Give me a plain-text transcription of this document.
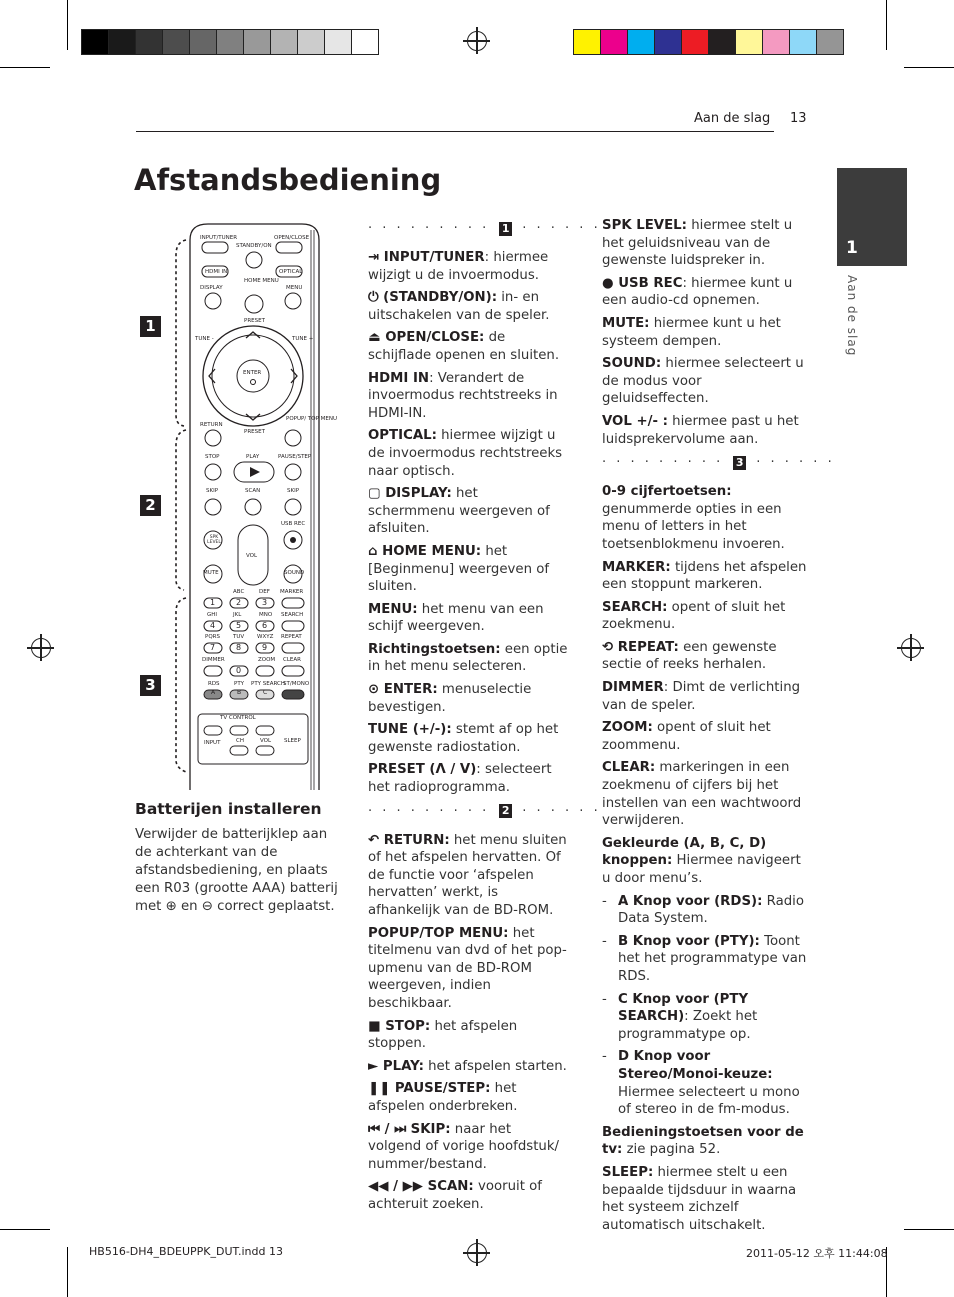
Aan de slag 13
Afstandsbediening
1
Aan de slag
1
2
3
INPUT/TUNER
STANDBY/ON
OPEN/CLOSE
HDMI IN	OPTICAL
DISPLAY
HOME MENU
MENU
PRESET
TUNE -	TUNE +
ENTER
RETURN
PRESET
POPUP/ TOP MENU
STOP	PLAY	PAUSE/STEP
SKIP	SCAN	SKIP
USB REC
VOL
MUTE	SOUND
ABC	DEF MARKER
GHI	JKL	MNO SEARCH
PQRS TUV WXYZ REPEAT
DIMMER	ZOOM CLEAR
RDS	PTY PTY SEARCH
ST/MONO
TV CONTROL
INPUT	CH	VOL SLEEP
SPK LEVEL
1	2	3
4	5	6
7	8	9
0
A	B	C
Batterijen installeren
Verwijder de batterijklep aan de achterkant van de afstandsbediening, en plaats een R03 (grootte AAA) batterij met ⊕ en ⊖ correct geplaatst.
· · · · · · · · · 1 · · · · · ·

⇥ INPUT/TUNER: hiermee wijzigt u de invoermodus.

⏻ (STANDBY/ON): in- en uitschakelen van de speler.

⏏ OPEN/CLOSE: de schijflade openen en sluiten.

HDMI IN: Verandert de invoermodus rechtstreeks in HDMI-IN.

OPTICAL: hiermee wijzigt u de invoermodus rechtstreeks naar optisch.

▢ DISPLAY: het schermmenu weergeven of afsluiten.

⌂ HOME MENU: het [Beginmenu] weergeven of sluiten.

MENU: het menu van een schijf weergeven.

Richtingstoetsen: een optie in het menu selecteren.

⊙ ENTER: menuselectie bevestigen.

TUNE (+/-): stemt af op het gewenste radiostation.

PRESET (Λ / V): selecteert het radioprogramma.

· · · · · · · · · 2 · · · · · ·

↶ RETURN: het menu sluiten of het afspelen hervatten. Of de functie voor ‘afspelen hervatten’ werkt, is afhankelijk van de BD-ROM.

POPUP/TOP MENU: het titelmenu van dvd of het pop-upmenu van de BD-ROM weergeven, indien beschikbaar.

■ STOP: het afspelen stoppen.

► PLAY: het afspelen starten.

❚❚ PAUSE/STEP: het afspelen onderbreken.

⏮ / ⏭ SKIP: naar het volgend of vorige hoofdstuk/ nummer/bestand.

◀◀ / ▶▶ SCAN: vooruit of achteruit zoeken.

SPK LEVEL: hiermee stelt u het geluidsniveau van de gewenste luidspreker in.

● USB REC: hiermee kunt u een audio-cd opnemen.

MUTE: hiermee kunt u het systeem dempen.

SOUND: hiermee selecteert u de modus voor geluidseffecten.

VOL +/- : hiermee past u het luidsprekervolume aan.

· · · · · · · · · 3 · · · · · ·

0-9 cijfertoetsen: genummerde opties in een menu of letters in het toetsenblokmenu invoeren.

MARKER: tijdens het afspelen een stoppunt markeren.

SEARCH: opent of sluit het zoekmenu.

⟲ REPEAT: een gewenste sectie of reeks herhalen.

DIMMER: Dimt de verlichting van de speler.

ZOOM: opent of sluit het zoommenu.

CLEAR: markeringen in een zoekmenu of cijfers bij het instellen van een wachtwoord verwijderen.

Gekleurde (A, B, C, D) knoppen: Hiermee navigeert u door menu’s.

- A Knop voor (RDS): Radio Data System.

- B Knop voor (PTY): Toont het het programmatype van RDS.

- C Knop voor (PTY SEARCH): Zoekt het programmatype op.

- D Knop voor Stereo/Monoi-keuze: Hiermee selecteert u mono of stereo in de fm-modus.

Bedieningstoetsen voor de tv: zie pagina 52.

SLEEP: hiermee stelt u een bepaalde tijdsduur in waarna het systeem zichzelf automatisch uitschakelt.

HB516-DH4_BDEUPPK_DUT.indd 13	2011-05-12 오후 11:44:08
